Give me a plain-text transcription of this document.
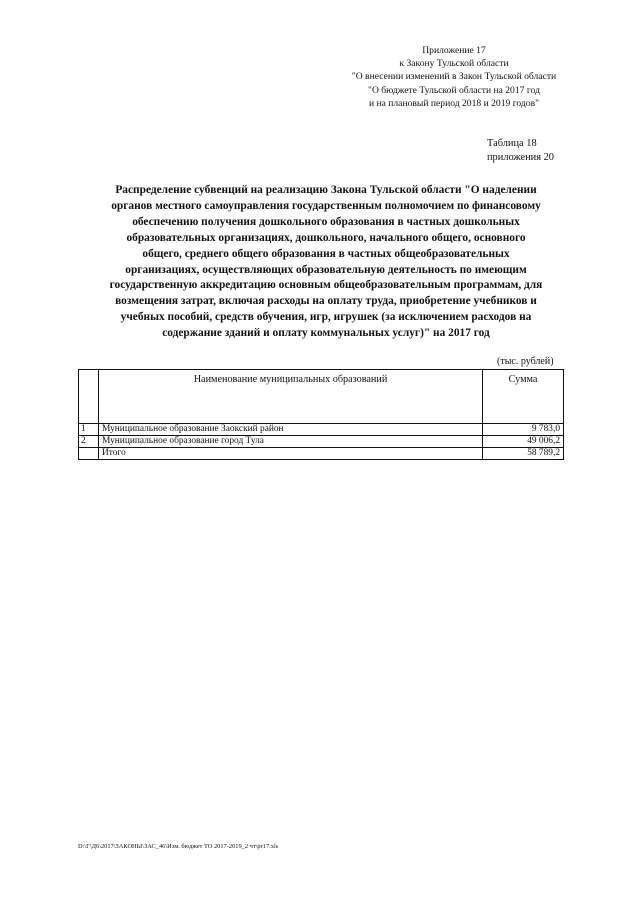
Приложение 17
к Закону Тульской области
"О внесении изменений в Закон Тульской области
"О бюджете Тульской области на 2017 год
и на плановый период 2018 и 2019 годов"
Таблица 18
приложения 20
Распределение субвенций на реализацию Закона Тульской области "О наделении
органов местного самоуправления государственным полномочием по финансовому
обеспечению получения дошкольного образования в частных дошкольных
образовательных организациях, дошкольного, начального общего, основного
общего, среднего общего образования в частных общеобразовательных
организациях, осуществляющих образовательную деятельность по имеющим
государственную аккредитацию основным общеобразовательным программам, для
возмещения затрат, включая расходы на оплату труда, приобретение учебников и
учебных пособий, средств обучения, игр, игрушек (за исключением расходов на
содержание зданий и оплату коммунальных услуг)" на 2017 год
(тыс. рублей)
	Наименование муниципальных образований	Сумма
1	Муниципальное образование Заокский район	9 783,0
2	Муниципальное образование город Тула	49 006,2
	Итого	58 789,2
D:\Г\Д6\2017\ЗАКОНЫ\ЗАС_46\Изм. бюджет ТО 2017-2019_2 чт\pr17.xls
